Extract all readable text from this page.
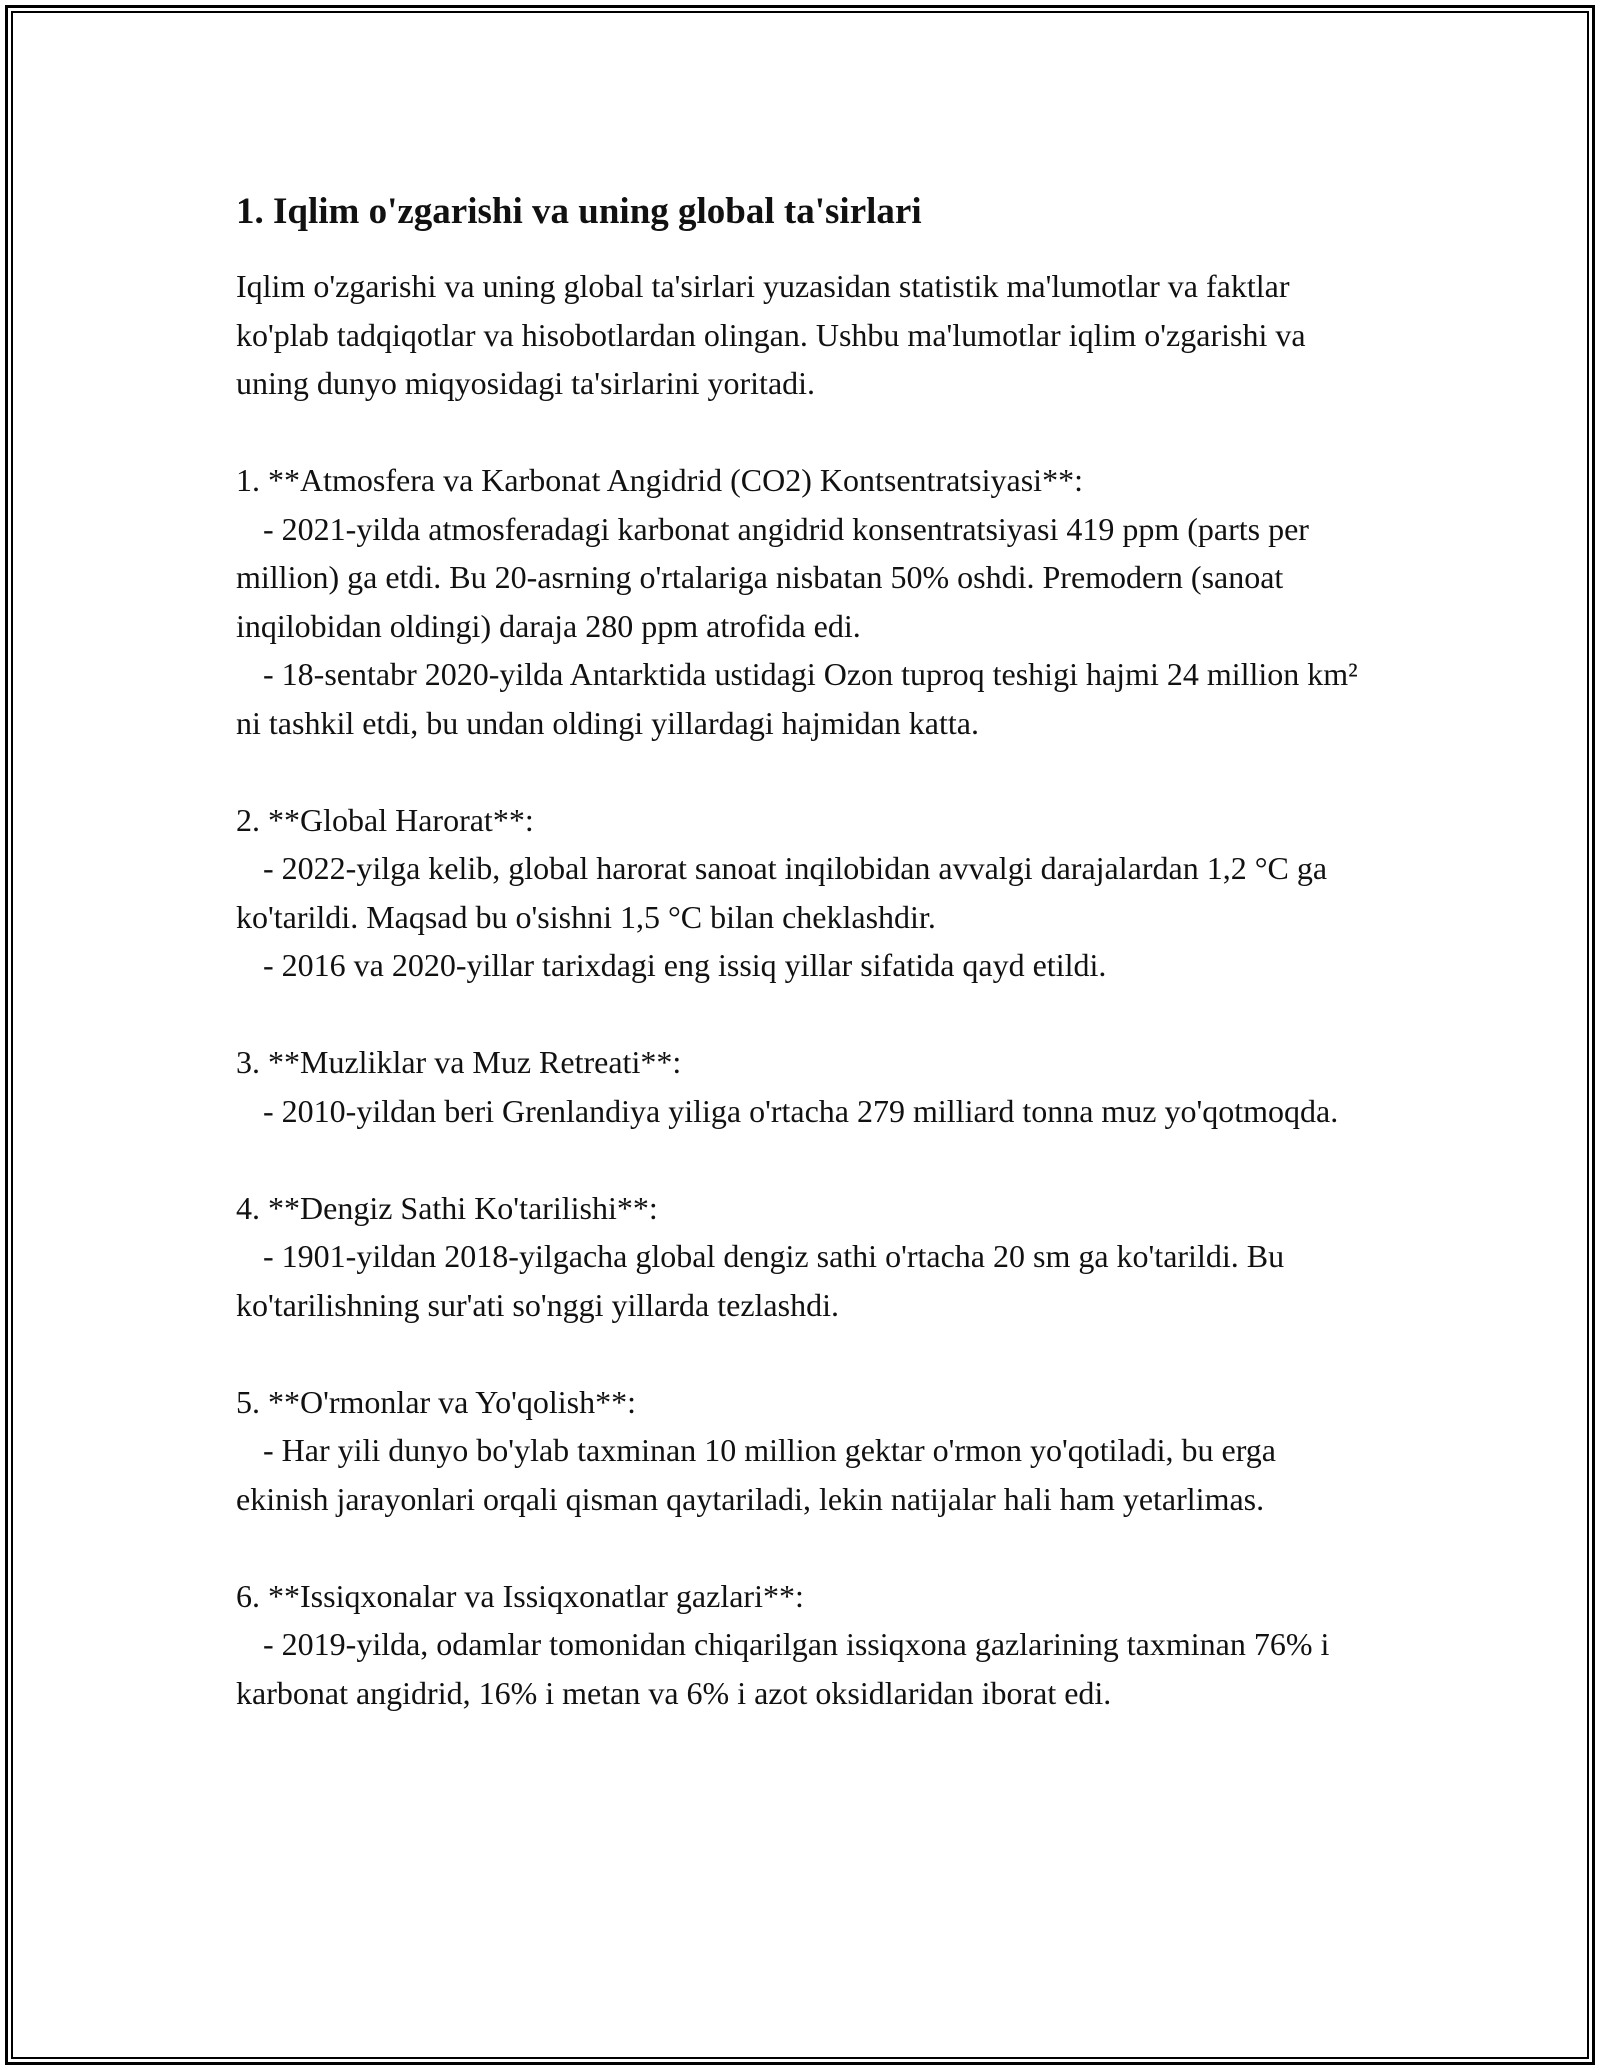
1. Iqlim o'zgarishi va uning global ta'sirlari

Iqlim o'zgarishi va uning global ta'sirlari yuzasidan statistik ma'lumotlar va faktlar ko'plab tadqiqotlar va hisobotlardan olingan. Ushbu ma'lumotlar iqlim o'zgarishi va uning dunyo miqyosidagi ta'sirlarini yoritadi.

1. **Atmosfera va Karbonat Angidrid (CO2) Kontsentratsiyasi**:
- 2021-yilda atmosferadagi karbonat angidrid konsentratsiyasi 419 ppm (parts per million) ga etdi. Bu 20-asrning o'rtalariga nisbatan 50% oshdi. Premodern (sanoat inqilobidan oldingi) daraja 280 ppm atrofida edi.
- 18-sentabr 2020-yilda Antarktida ustidagi Ozon tuproq teshigi hajmi 24 million km² ni tashkil etdi, bu undan oldingi yillardagi hajmidan katta.
2. **Global Harorat**:
- 2022-yilga kelib, global harorat sanoat inqilobidan avvalgi darajalardan 1,2 °C ga ko'tarildi. Maqsad bu o'sishni 1,5 °C bilan cheklashdir.
- 2016 va 2020-yillar tarixdagi eng issiq yillar sifatida qayd etildi.
3. **Muzliklar va Muz Retreati**:
- 2010-yildan beri Grenlandiya yiliga o'rtacha 279 milliard tonna muz yo'qotmoqda.
4. **Dengiz Sathi Ko'tarilishi**:
- 1901-yildan 2018-yilgacha global dengiz sathi o'rtacha 20 sm ga ko'tarildi. Bu ko'tarilishning sur'ati so'nggi yillarda tezlashdi.
5. **O'rmonlar va Yo'qolish**:
- Har yili dunyo bo'ylab taxminan 10 million gektar o'rmon yo'qotiladi, bu erga ekinish jarayonlari orqali qisman qaytariladi, lekin natijalar hali ham yetarlimas.
6. **Issiqxonalar va Issiqxonatlar gazlari**:
- 2019-yilda, odamlar tomonidan chiqarilgan issiqxona gazlarining taxminan 76% i karbonat angidrid, 16% i metan va 6% i azot oksidlaridan iborat edi.
